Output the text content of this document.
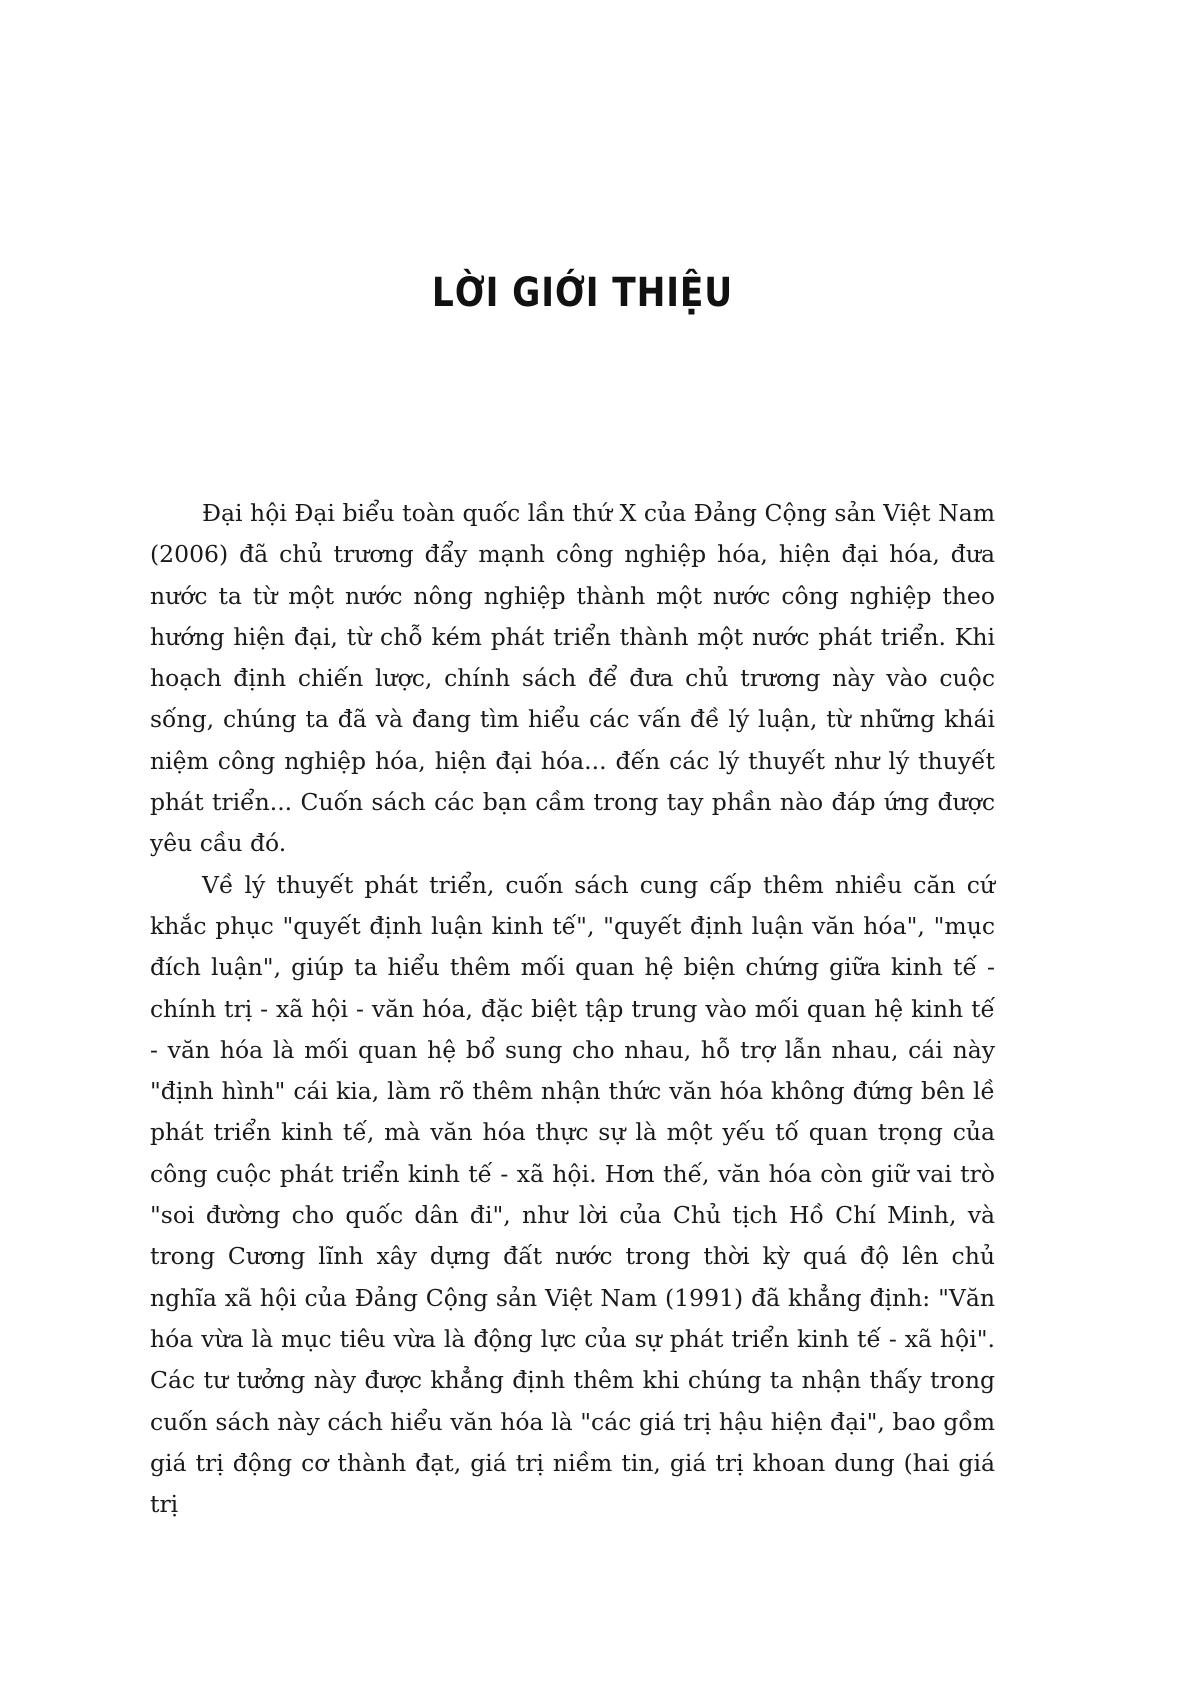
LỜI GIỚI THIỆU

Đại hội Đại biểu toàn quốc lần thứ X của Đảng Cộng sản Việt Nam (2006) đã chủ trương đẩy mạnh công nghiệp hóa, hiện đại hóa, đưa nước ta từ một nước nông nghiệp thành một nước công nghiệp theo hướng hiện đại, từ chỗ kém phát triển thành một nước phát triển. Khi hoạch định chiến lược, chính sách để đưa chủ trương này vào cuộc sống, chúng ta đã và đang tìm hiểu các vấn đề lý luận, từ những khái niệm công nghiệp hóa, hiện đại hóa... đến các lý thuyết như lý thuyết phát triển... Cuốn sách các bạn cầm trong tay phần nào đáp ứng được yêu cầu đó.

Về lý thuyết phát triển, cuốn sách cung cấp thêm nhiều căn cứ khắc phục "quyết định luận kinh tế", "quyết định luận văn hóa", "mục đích luận", giúp ta hiểu thêm mối quan hệ biện chứng giữa kinh tế - chính trị - xã hội - văn hóa, đặc biệt tập trung vào mối quan hệ kinh tế - văn hóa là mối quan hệ bổ sung cho nhau, hỗ trợ lẫn nhau, cái này "định hình" cái kia, làm rõ thêm nhận thức văn hóa không đứng bên lề phát triển kinh tế, mà văn hóa thực sự là một yếu tố quan trọng của công cuộc phát triển kinh tế - xã hội. Hơn thế, văn hóa còn giữ vai trò "soi đường cho quốc dân đi", như lời của Chủ tịch Hồ Chí Minh, và trong Cương lĩnh xây dựng đất nước trong thời kỳ quá độ lên chủ nghĩa xã hội của Đảng Cộng sản Việt Nam (1991) đã khẳng định: "Văn hóa vừa là mục tiêu vừa là động lực của sự phát triển kinh tế - xã hội". Các tư tưởng này được khẳng định thêm khi chúng ta nhận thấy trong cuốn sách này cách hiểu văn hóa là "các giá trị hậu hiện đại", bao gồm giá trị động cơ thành đạt, giá trị niềm tin, giá trị khoan dung (hai giá trị
